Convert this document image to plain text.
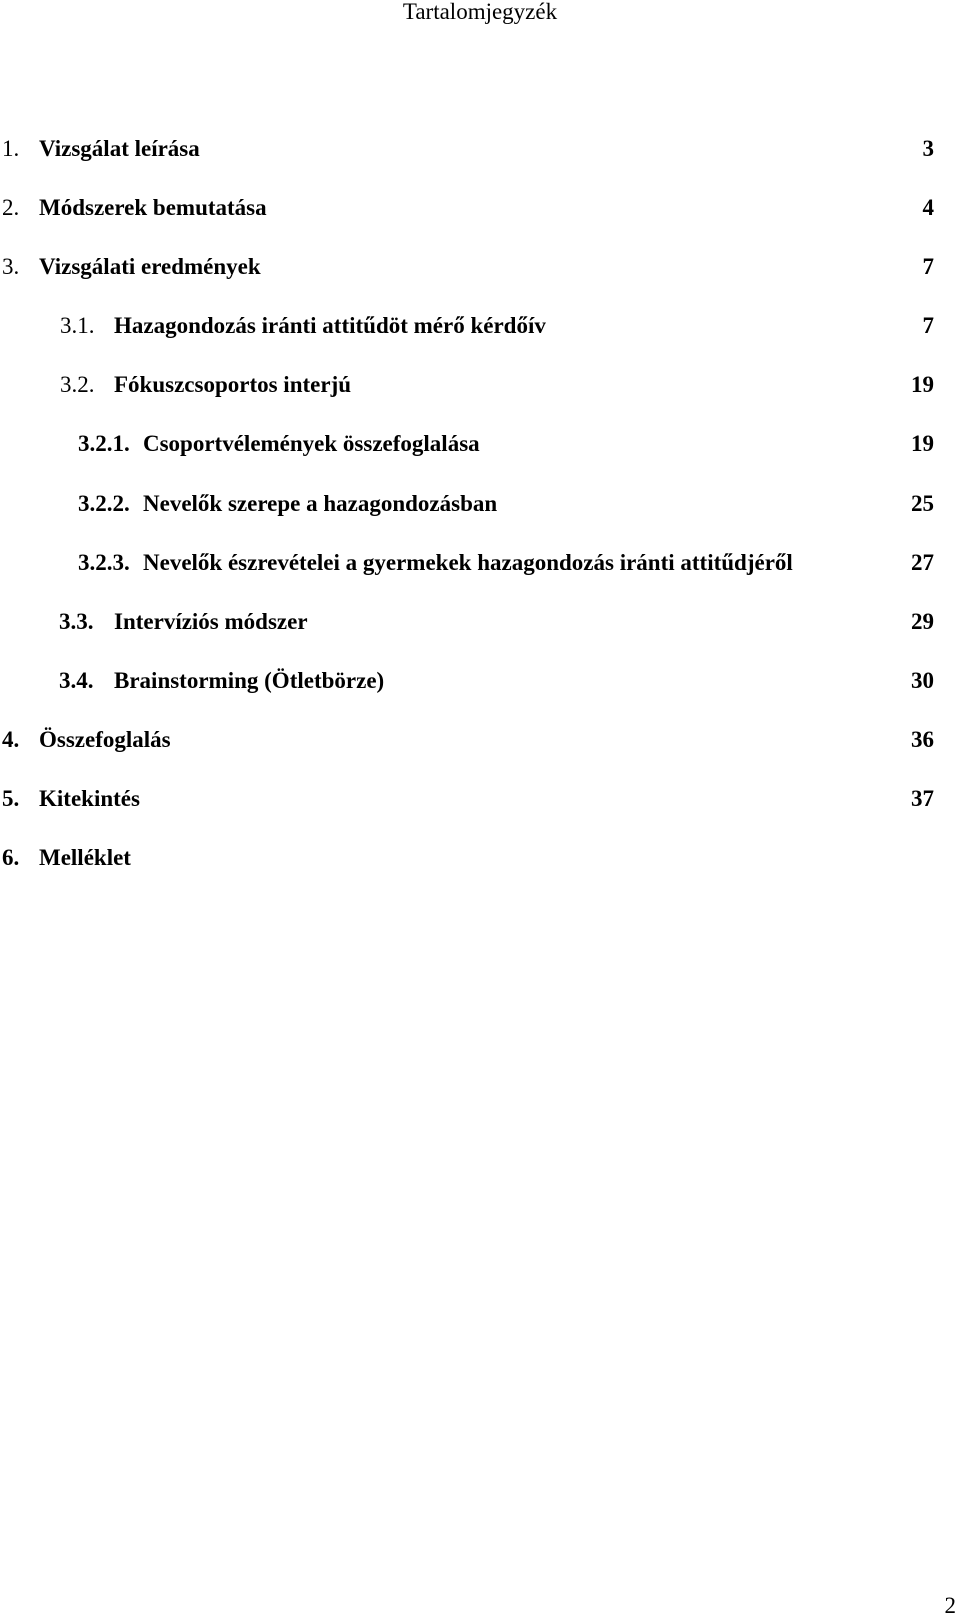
Tartalomjegyzék
1. Vizsgálat leírása	3
2. Módszerek bemutatása	4
3. Vizsgálati eredmények	7
3.1. Hazagondozás iránti attitűdöt mérő kérdőív	7
3.2. Fókuszcsoportos interjú	19
3.2.1. Csoportvélemények összefoglalása	19
3.2.2. Nevelők szerepe a hazagondozásban	25
3.2.3. Nevelők észrevételei a gyermekek hazagondozás iránti attitűdjéről	27
3.3. Intervíziós módszer	29
3.4. Brainstorming (Ötletbörze)	30
4. Összefoglalás	36
5. Kitekintés	37
6. Melléklet
2
